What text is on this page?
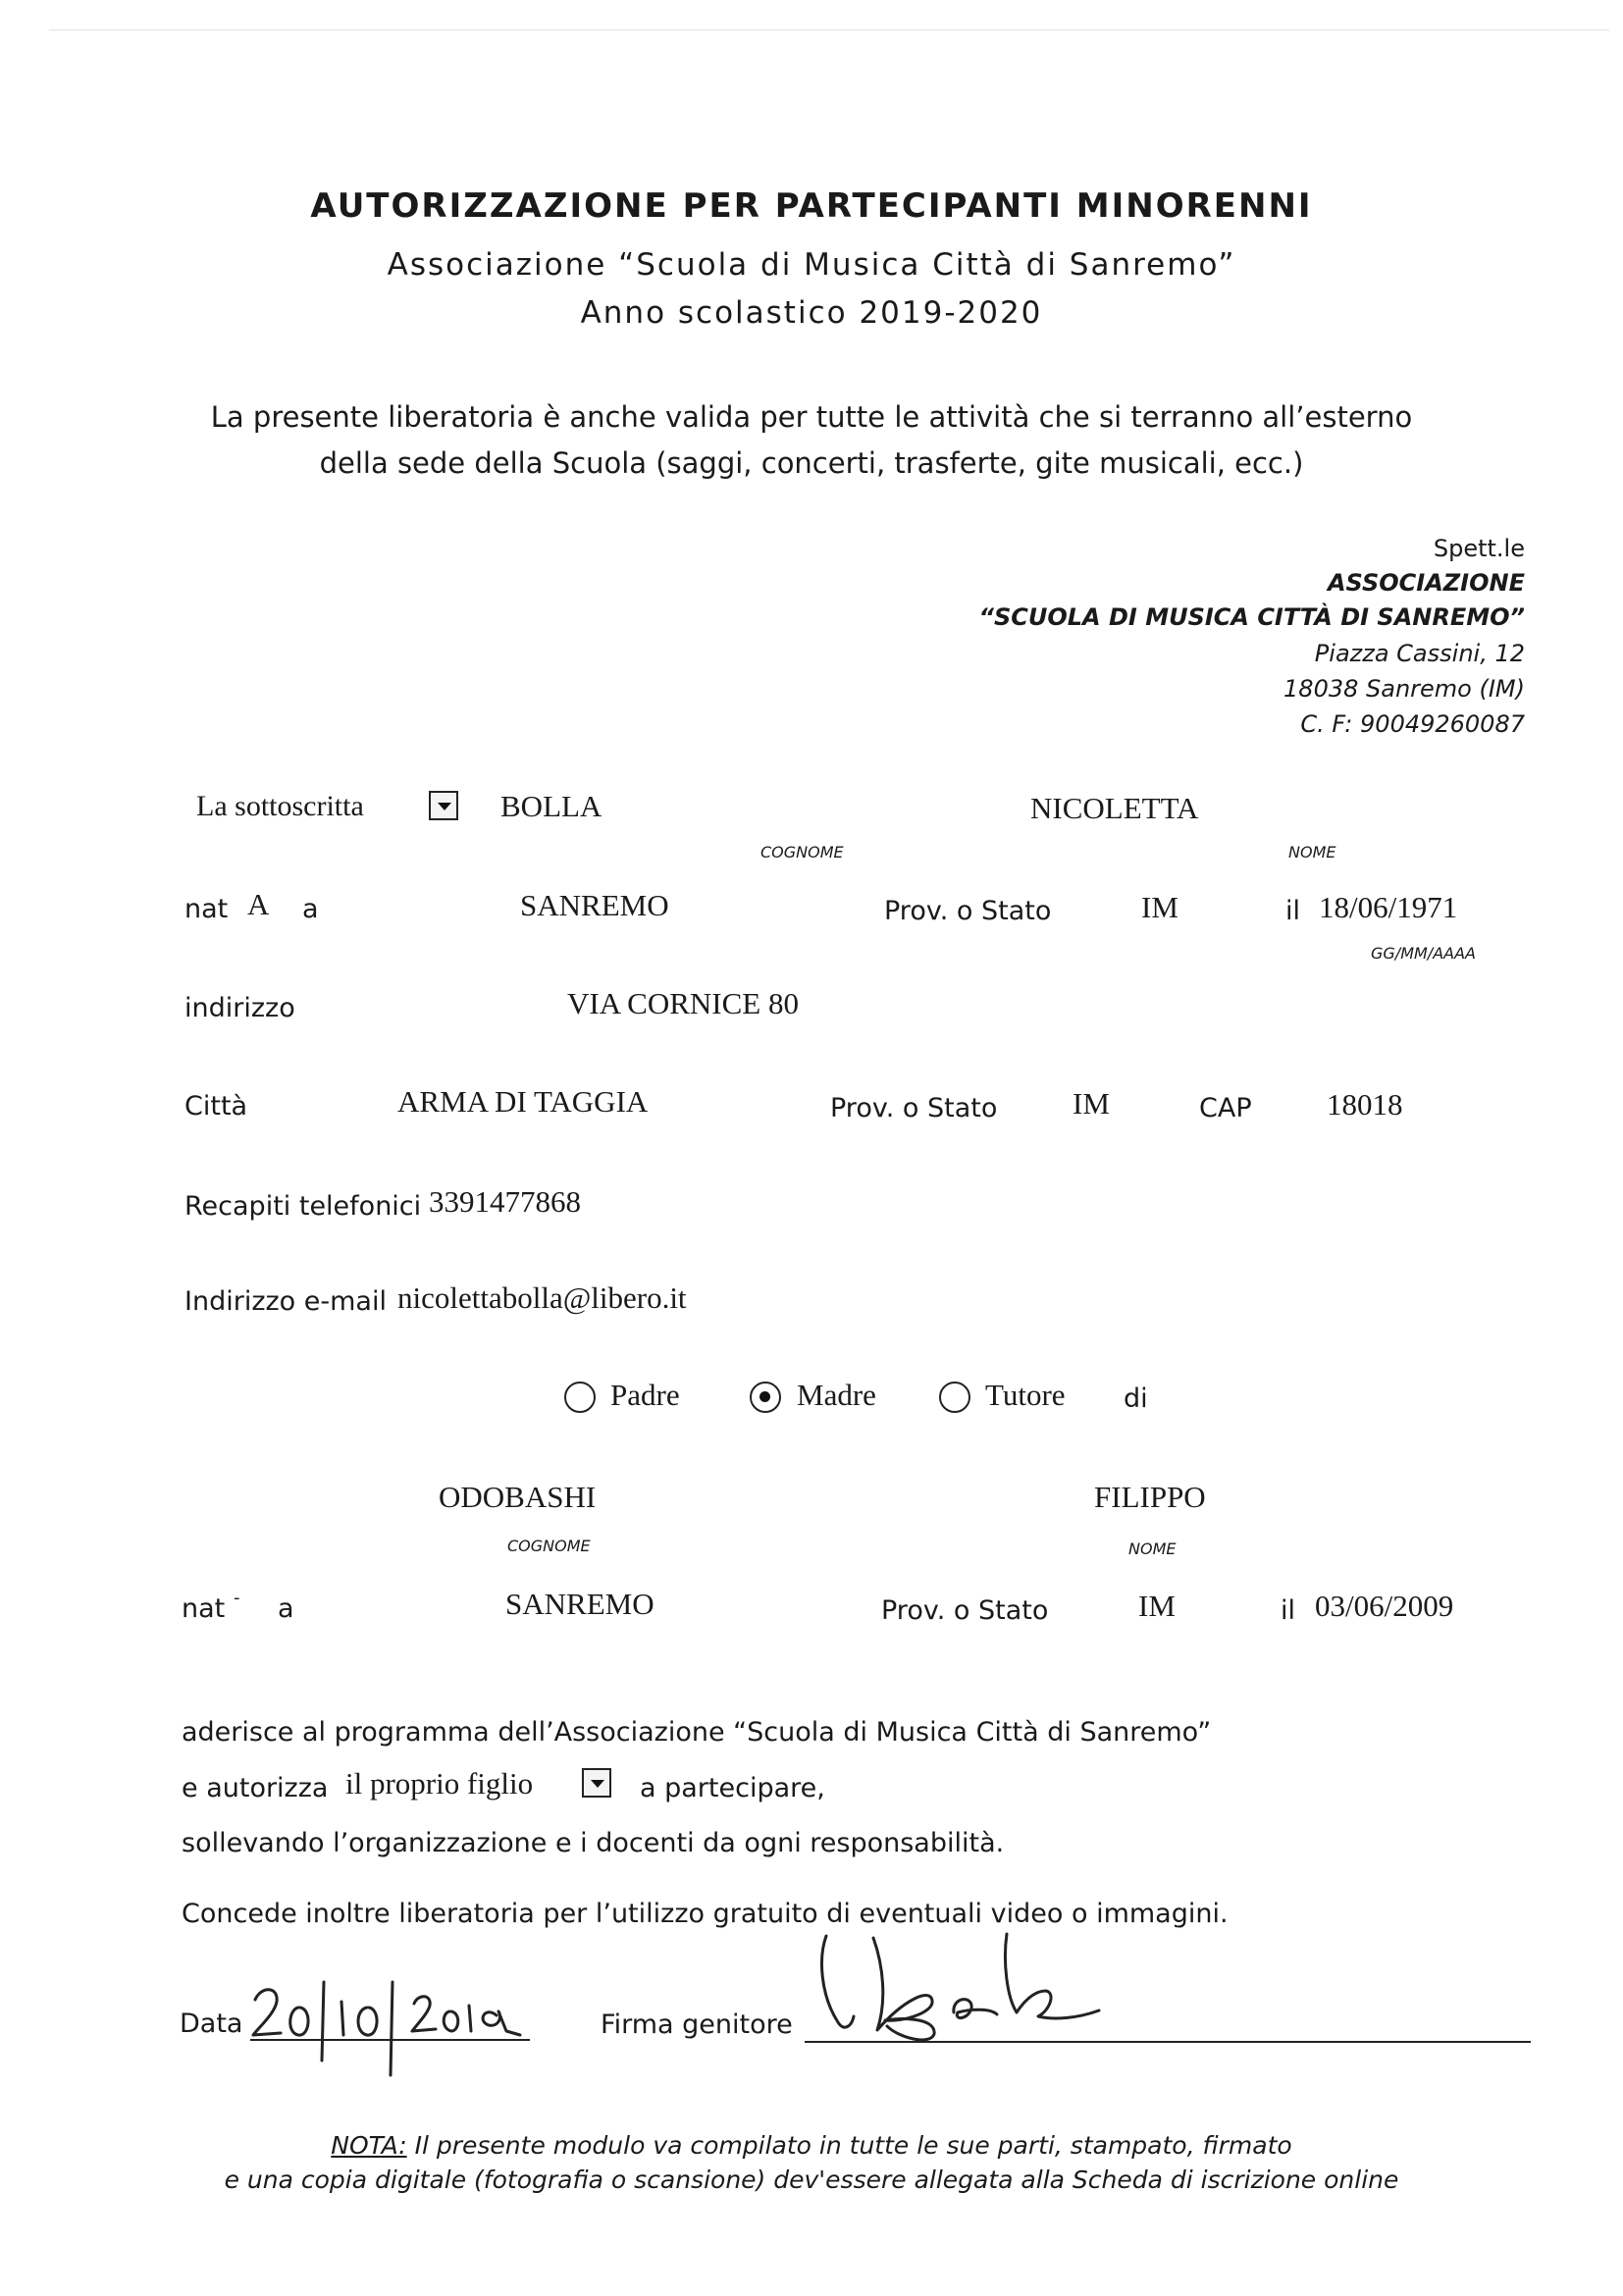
AUTORIZZAZIONE PER PARTECIPANTI MINORENNI
Associazione “Scuola di Musica Città di Sanremo”
Anno scolastico 2019-2020
La presente liberatoria è anche valida per tutte le attività che si terranno all’esterno
della sede della Scuola (saggi, concerti, trasferte, gite musicali, ecc.)
Spett.le
ASSOCIAZIONE
“SCUOLA DI MUSICA CITTÀ DI SANREMO”
Piazza Cassini, 12
18038 Sanremo (IM)
C. F: 90049260087
La sottoscritta	BOLLA	NICOLETTA
COGNOME	NOME
nat A a	SANREMO	Prov. o Stato	IM	il 18/06/1971
GG/MM/AAAA
indirizzo	VIA CORNICE 80
Città	ARMA DI TAGGIA	Prov. o Stato IM	CAP 18018
Recapiti telefonici 3391477868
Indirizzo e-mail nicolettabolla@libero.it
Padre	Madre	Tutore di
ODOBASHI	FILIPPO
COGNOME	NOME
nat - a	SANREMO	Prov. o Stato	IM	il 03/06/2009
aderisce al programma dell’Associazione “Scuola di Musica Città di Sanremo”
e autorizza il proprio figlio	a partecipare,
sollevando l’organizzazione e i docenti da ogni responsabilità.
Concede inoltre liberatoria per l’utilizzo gratuito di eventuali video o immagini.
Data	Firma genitore
NOTA: Il presente modulo va compilato in tutte le sue parti, stampato, firmato
e una copia digitale (fotografia o scansione) dev'essere allegata alla Scheda di iscrizione online
